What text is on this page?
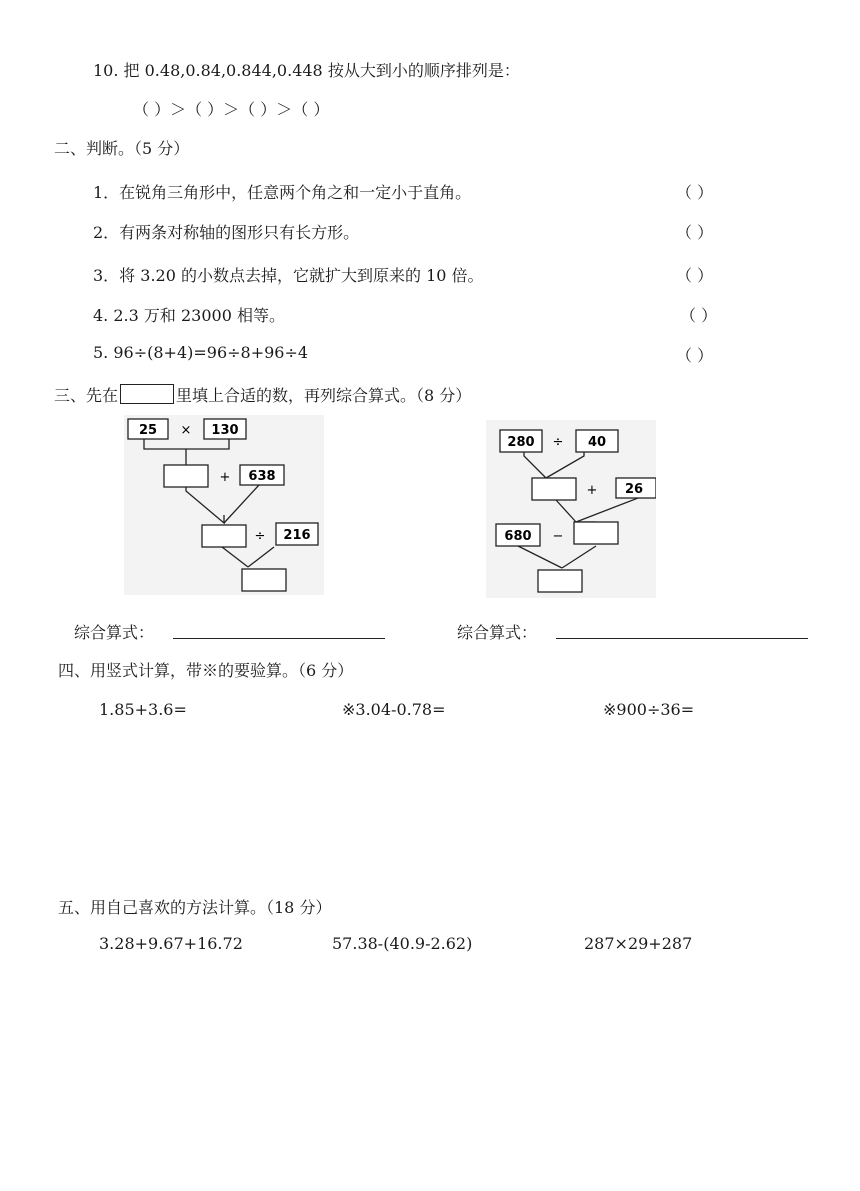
10. 把 0.48,0.84,0.844,0.448 按从大到小的顺序排列是：
（ ）＞（ ）＞（ ）＞（ ）
二、判断。（5 分）
1．在锐角三角形中，任意两个角之和一定小于直角。	（ ）
2．有两条对称轴的图形只有长方形。	（ ）
3．将 3.20 的小数点去掉，它就扩大到原来的 10 倍。	（ ）
4. 2.3 万和 23000 相等。	（ ）
5. 96÷(8+4)=96÷8+96÷4	（ ）
三、先在	里填上合适的数，再列综合算式。（8 分）
25 × 130
+ 638
÷ 216
280 ÷ 40
+ 26
680 −
综合算式：	综合算式：
四、用竖式计算，带※的要验算。（6 分）
1.85+3.6=	※3.04-0.78=	※900÷36=
五、用自己喜欢的方法计算。（18 分）
3.28+9.67+16.72	57.38-(40.9-2.62)	287×29+287
